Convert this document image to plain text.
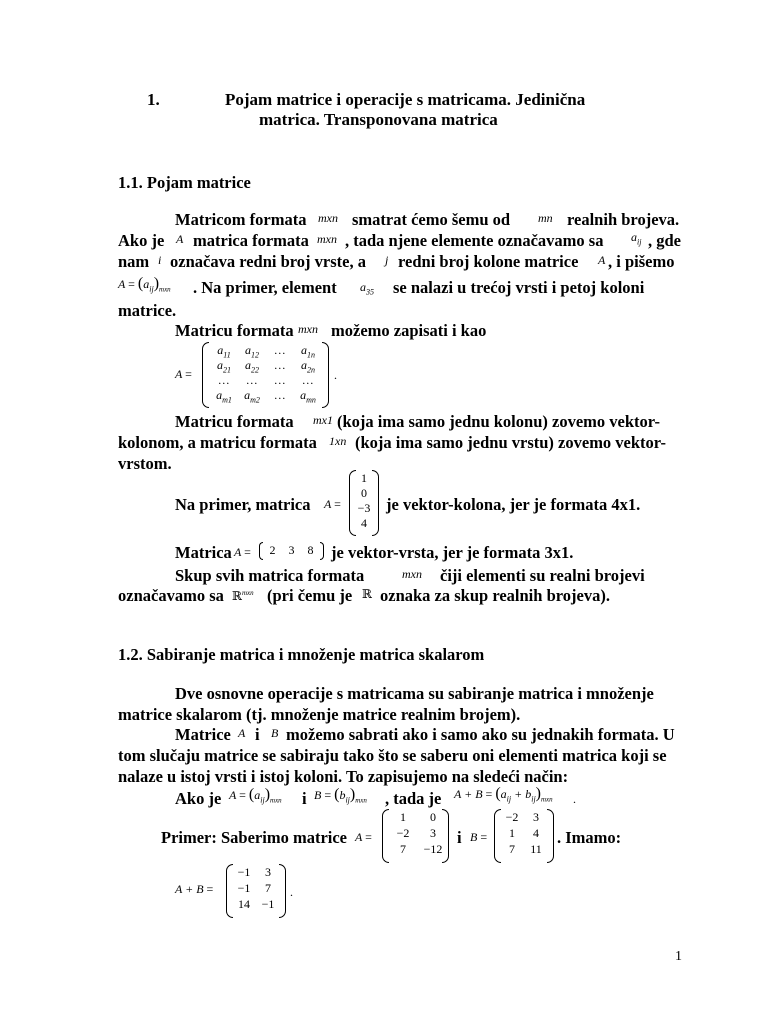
1.	Pojam matrice i operacije s matricama. Jedinična
matrica. Transponovana matrica
1.1. Pojam matrice
Matricom formata mxn smatrat ćemo šemu od mn realnih brojeva.
Ako je A matrica formata mxn , tada njene elemente označavamo sa $a_{ij}$ , gde
nam i označava redni broj vrste, a j redni broj kolone matrice A , i pišemo
$A = (a_{ij})_{mxn}$ . Na primer, element $a_{35}$ se nalazi u trećoj vrsti i petoj koloni
matrice.
Matricu formata mxn možemo zapisati i kao
A =
$a_{11}$	$a_{12}$	…	$a_{1n}$
$a_{21}$	$a_{22}$	…	$a_{2n}$
…	…	…	…
$a_{m1}$	$a_{m2}$	…	$a_{mn}$
.
Matricu formata mx1 (koja ima samo jednu kolonu) zovemo vektor-
kolonom, a matricu formata 1xn (koja ima samo jednu vrstu) zovemo vektor-
vrstom.
Na primer, matrica A =
1
0
−3
4
je vektor-kolona, jer je formata 4x1.
Matrica A =	2	3	8	je vektor-vrsta, jer je formata 3x1.
Skup svih matrica formata	mxn čiji elementi su realni brojevi
označavamo sa ℝ$^{mxn}$ (pri čemu je ℝ oznaka za skup realnih brojeva).
1.2. Sabiranje matrica i množenje matrica skalarom
Dve osnovne operacije s matricama su sabiranje matrica i množenje
matrice skalarom (tj. množenje matrice realnim brojem).
Matrice A i B možemo sabrati ako i samo ako su jednakih formata. U
tom slučaju matrice se sabiraju tako što se saberu oni elementi matrica koji se
nalaze u istoj vrsti i istoj koloni. To zapisujemo na sledeći način:
Ako je $A = (a_{ij})_{mxn}$ i $B = (b_{ij})_{mxn}$ , tada je $A + B = (a_{ij} + b_{ij})_{mxn}$ .
Primer: Saberimo matrice A =
1	0
−2	3
7	−12
i B =
−2	3
1	4
7	11
. Imamo:
A + B =
−1	3
−1	7
14 −1
.
1
